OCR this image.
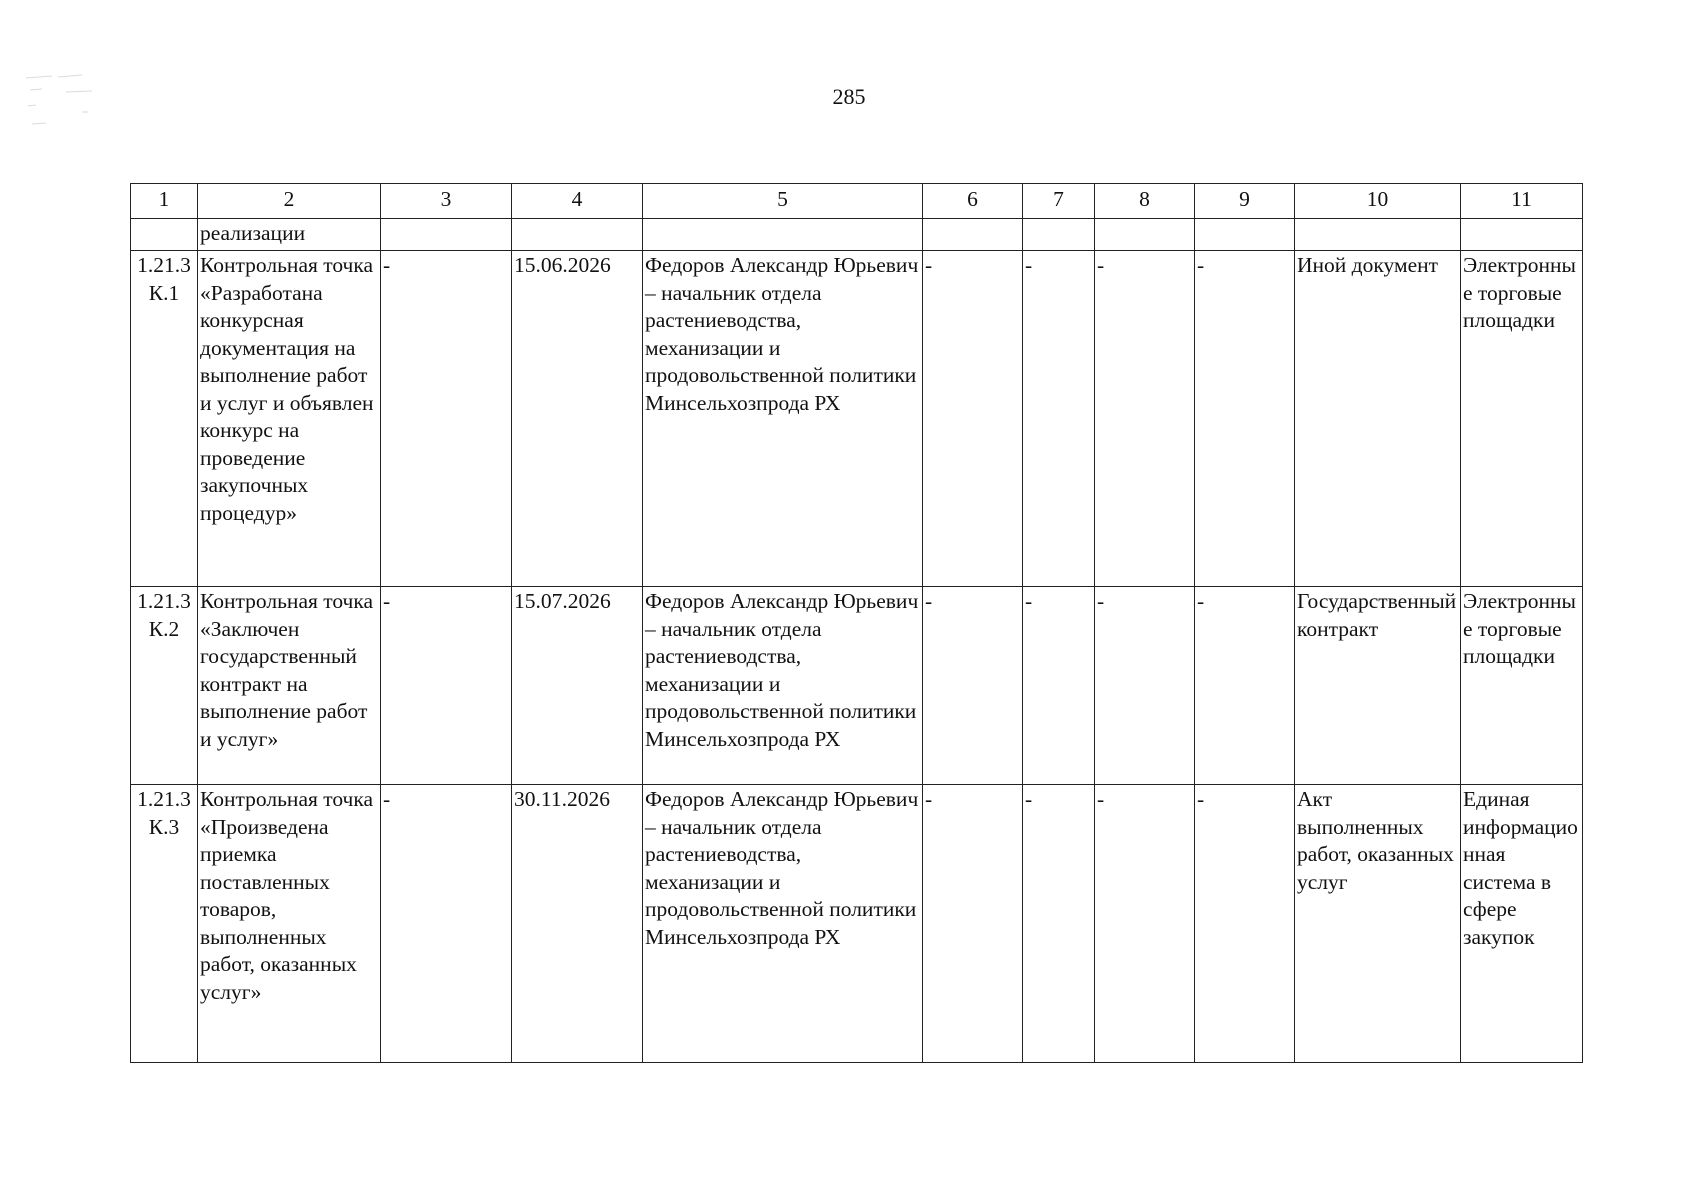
285
1	2	3	4	5	6	7	8	9	10	11
	реализации									
1.21.3 К.1	Контрольная точка «Разработана конкурсная документация на выполнение работ и услуг и объявлен конкурс на проведение закупочных процедур»	-	15.06.2026	Федоров Александр Юрьевич – начальник отдела растениеводства, механизации и продовольственной политики Минсельхозпрода РХ	-	-	-	-	Иной документ	Электронные торговые площадки
1.21.3 К.2	Контрольная точка «Заключен государственный контракт на выполнение работ и услуг»	-	15.07.2026	Федоров Александр Юрьевич – начальник отдела растениеводства, механизации и продовольственной политики Минсельхозпрода РХ	-	-	-	-	Государственный контракт	Электронные торговые площадки
1.21.3 К.3	Контрольная точка «Произведена приемка поставленных товаров, выполненных работ, оказанных услуг»	-	30.11.2026	Федоров Александр Юрьевич – начальник отдела растениеводства, механизации и продовольственной политики Минсельхозпрода РХ	-	-	-	-	Акт выполненных работ, оказанных услуг	Единая информационная система в сфере закупок
